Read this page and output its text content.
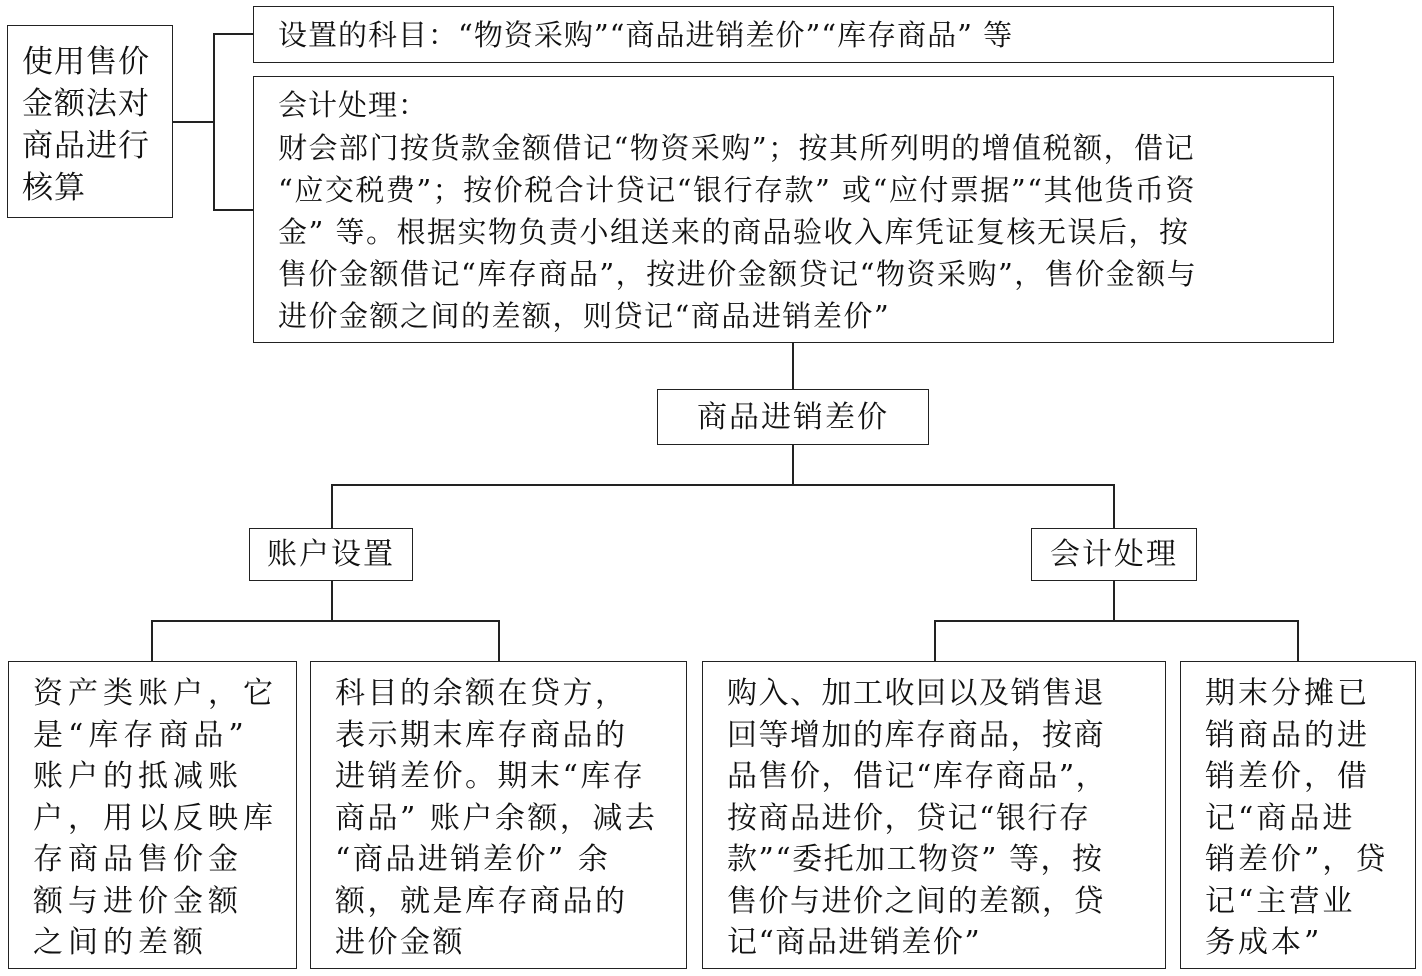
使用售价
金额法对
商品进行
核算
设置的科目：“物资采购”“商品进销差价”“库存商品” 等
会计处理：
财会部门按货款金额借记“物资采购”；按其所列明的增值税额，借记
“应交税费”；按价税合计贷记“银行存款” 或“应付票据”“其他货币资
金” 等。根据实物负责小组送来的商品验收入库凭证复核无误后，按
售价金额借记“库存商品”，按进价金额贷记“物资采购”，售价金额与
进价金额之间的差额，则贷记“商品进销差价”
商品进销差价
账户设置	会计处理
资产类账户，它
是“库存商品”
账户的抵减账
户，用以反映库
存商品售价金
额与进价金额
之间的差额
科目的余额在贷方，
表示期末库存商品的
进销差价。期末“库存
商品” 账户余额，减去
“商品进销差价” 余
额，就是库存商品的
进价金额
购入、加工收回以及销售退
回等增加的库存商品，按商
品售价，借记“库存商品”，
按商品进价，贷记“银行存
款”“委托加工物资” 等，按
售价与进价之间的差额，贷
记“商品进销差价”
期末分摊已
销商品的进
销差价，借
记“商品进
销差价”，贷
记“主营业
务成本”
